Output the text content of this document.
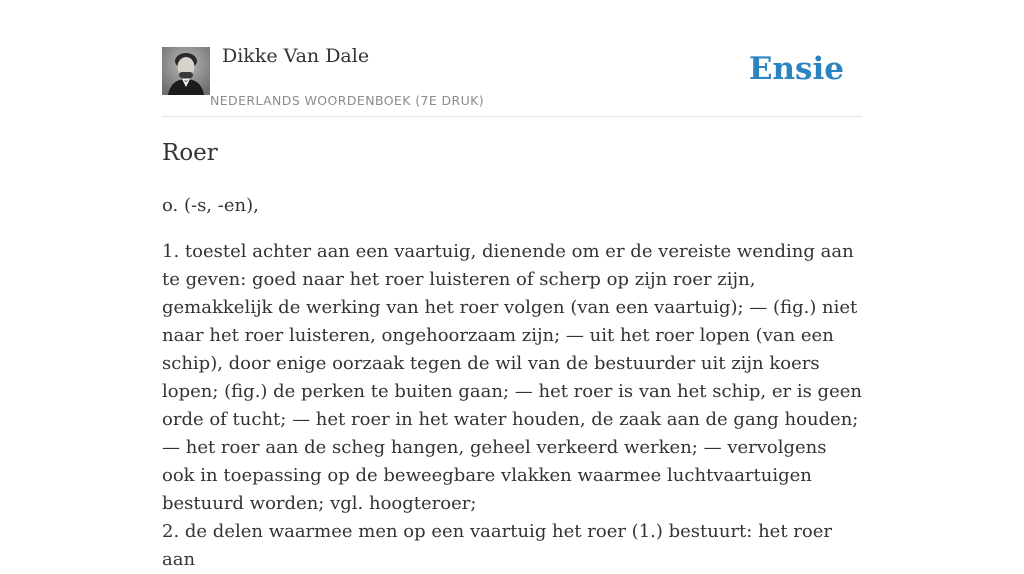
Dikke Van Dale
NEDERLANDS WOORDENBOEK (7E DRUK)
Ensie
Roer

o. (-s, -en),

1. toestel achter aan een vaartuig, dienende om er de vereiste wending aan te geven: goed naar het roer luisteren of scherp op zijn roer zijn, gemakkelijk de werking van het roer volgen (van een vaartuig); — (fig.) niet naar het roer luisteren, ongehoorzaam zijn; — uit het roer lopen (van een schip), door enige oorzaak tegen de wil van de bestuurder uit zijn koers lopen; (fig.) de perken te buiten gaan; — het roer is van het schip, er is geen orde of tucht; — het roer in het water houden, de zaak aan de gang houden; — het roer aan de scheg hangen, geheel verkeerd werken; — vervolgens ook in toepassing op de beweegbare vlakken waarmee luchtvaartuigen bestuurd worden; vgl. hoogteroer;
2. de delen waarmee men op een vaartuig het roer (1.) bestuurt: het roer aan
